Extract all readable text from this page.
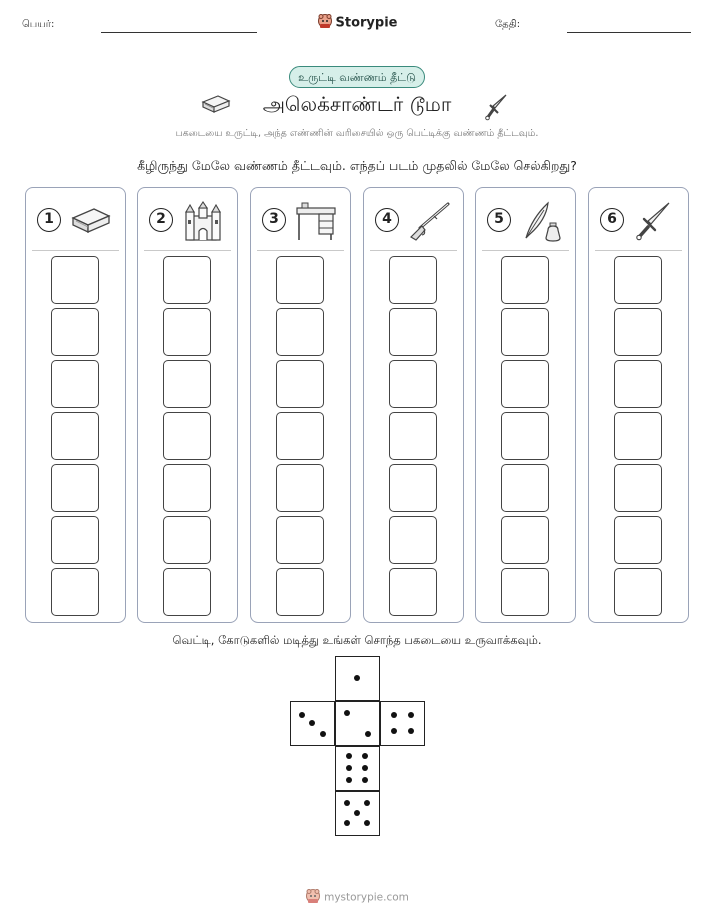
பெயர்:	Storypie	தேதி:
உருட்டி வண்ணம் தீட்டு
அலெக்சாண்டர் டூமா
பகடையை உருட்டி, அந்த எண்ணின் வரிசையில் ஒரு பெட்டிக்கு வண்ணம் தீட்டவும்.
கீழிருந்து மேலே வண்ணம் தீட்டவும். எந்தப் படம் முதலில் மேலே செல்கிறது?
1	2	3	4	5	6
வெட்டி, கோடுகளில் மடித்து உங்கள் சொந்த பகடையை உருவாக்கவும்.
mystorypie.com
